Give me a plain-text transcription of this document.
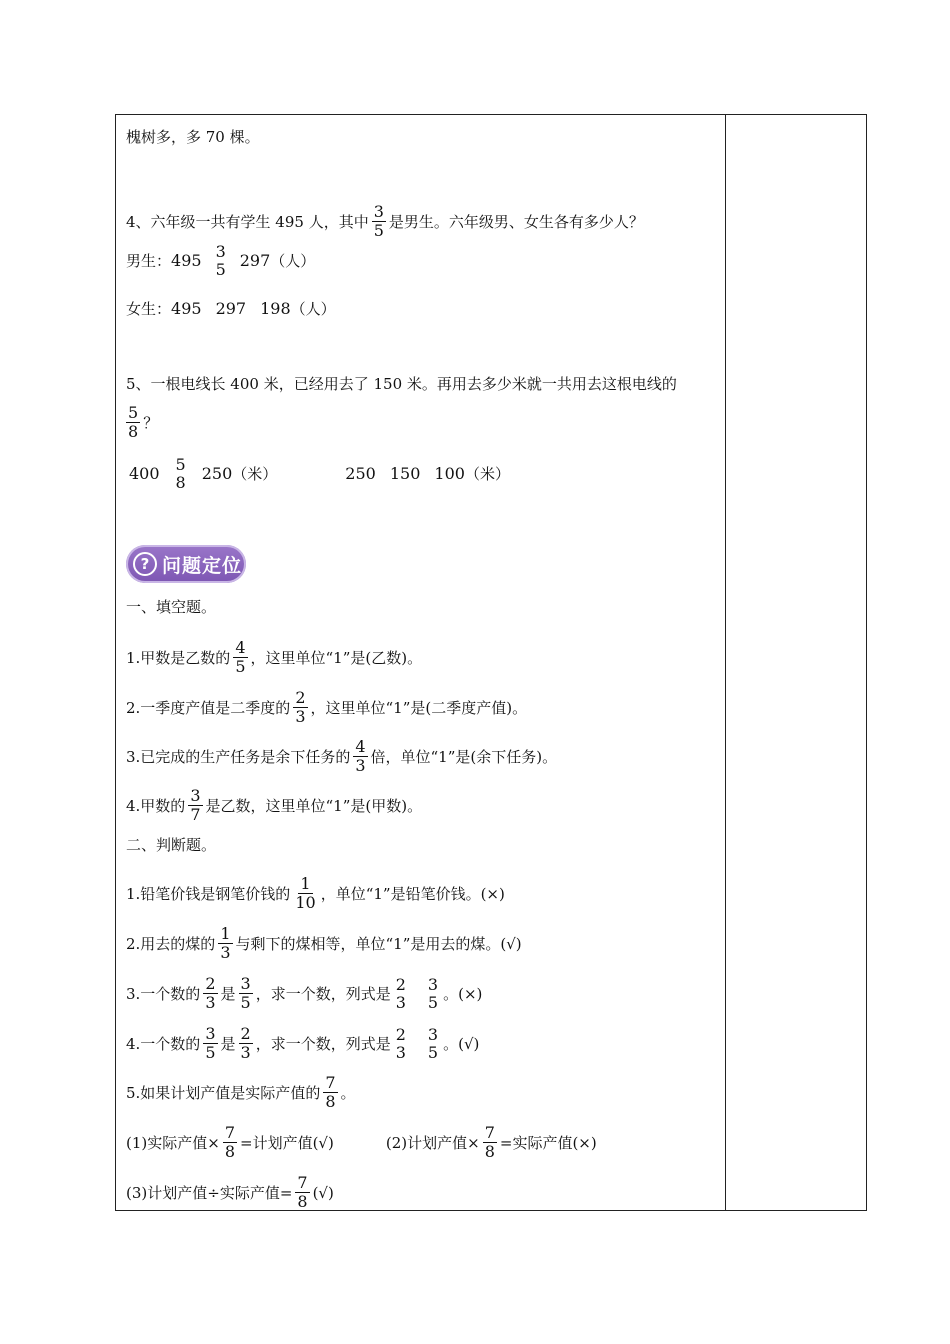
槐树多，多 70 棵。
4、六年级一共有学生 495 人，其中 $\frac{3}{5}$ 是男生。六年级男、女生各有多少人？
男生： 495 3
5 297 （人）
女生： 495 297 198 （人）
5、一根电线长 400 米，已经用去了 150 米。再用去多少米就一共用去这根电线的
$\frac{5}{8}$ ？
400 5
8 250 （米）	250 150 100 （米）
? 问题定位
一、填空题。
1.甲数是乙数的 $\frac{4}{5}$ ，这里单位“1”是(乙数)。
2.一季度产值是二季度的 $\frac{2}{3}$ ，这里单位“1”是(二季度产值)。
3.已完成的生产任务是余下任务的 $\frac{4}{3}$ 倍，单位“1”是(余下任务)。
4.甲数的 $\frac{3}{7}$ 是乙数，这里单位“1”是(甲数)。
二、判断题。
1.铅笔价钱是钢笔价钱的 $\frac{1}{10}$ ，单位“1”是铅笔价钱。(×)
2.用去的煤的 $\frac{1}{3}$ 与剩下的煤相等，单位“1”是用去的煤。(√)
3.一个数的 $\frac{2}{3}$ 是 $\frac{3}{5}$ ，求一个数，列式是 2
3
3
5 。(×)
4.一个数的 $\frac{3}{5}$ 是 $\frac{2}{3}$ ，求一个数，列式是 2
3
3
5 。(√)
5.如果计划产值是实际产值的 $\frac{7}{8}$ 。
(1)实际产值× $\frac{7}{8}$ =计划产值(√)	(2)计划产值× $\frac{7}{8}$ =实际产值(×)
(3)计划产值÷实际产值= $\frac{7}{8}$ (√)
